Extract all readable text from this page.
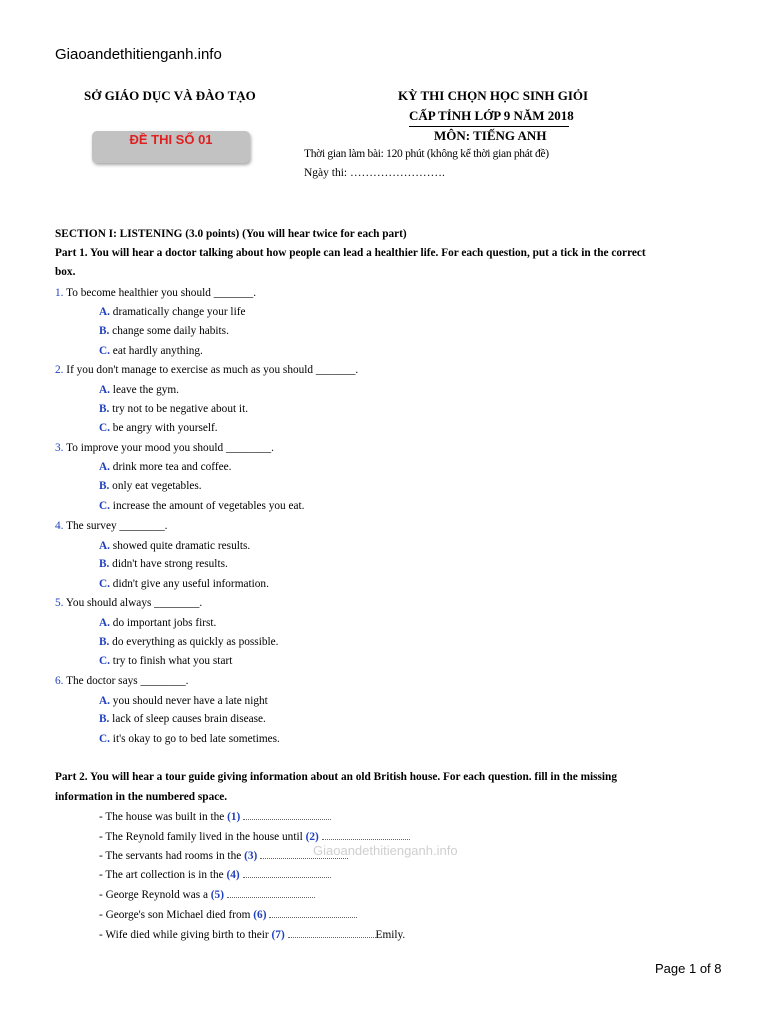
Giaoandethitienganh.info
SỞ GIÁO DỤC VÀ ĐÀO TẠO	KỲ THI CHỌN HỌC SINH GIỎI
CẤP TỈNH LỚP 9 NĂM 2018
MÔN: TIẾNG ANH
ĐỀ THI SỐ 01
Thời gian làm bài: 120 phút (không kể thời gian phát đề)
Ngày thi: …………………….
SECTION I: LISTENING (3.0 points) (You will hear twice for each part)
Part 1. You will hear a doctor talking about how people can lead a healthier life. For each question, put a tick in the correct
box.
1. To become healthier you should _______.
A. dramatically change your life
B. change some daily habits.
C. eat hardly anything.
2. If you don't manage to exercise as much as you should _______.
A. leave the gym.
B. try not to be negative about it.
C. be angry with yourself.
3. To improve your mood you should ________.
A. drink more tea and coffee.
B. only eat vegetables.
C. increase the amount of vegetables you eat.
4. The survey ________.
A. showed quite dramatic results.
B. didn't have strong results.
C. didn't give any useful information.
5. You should always ________.
A. do important jobs first.
B. do everything as quickly as possible.
C. try to finish what you start
6. The doctor says ________.
A. you should never have a late night
B. lack of sleep causes brain disease.
C. it's okay to go to bed late sometimes.
Part 2. You will hear a tour guide giving information about an old British house. For each question. fill in the missing
information in the numbered space.
- The house was built in the (1)
- The Reynold family lived in the house until (2)
- The servants had rooms in the (3)
- The art collection is in the (4)
- George Reynold was a (5)
- George's son Michael died from (6)
- Wife died while giving birth to their (7)	Emily.
Giaoandethitienganh.info
Page 1 of 8
